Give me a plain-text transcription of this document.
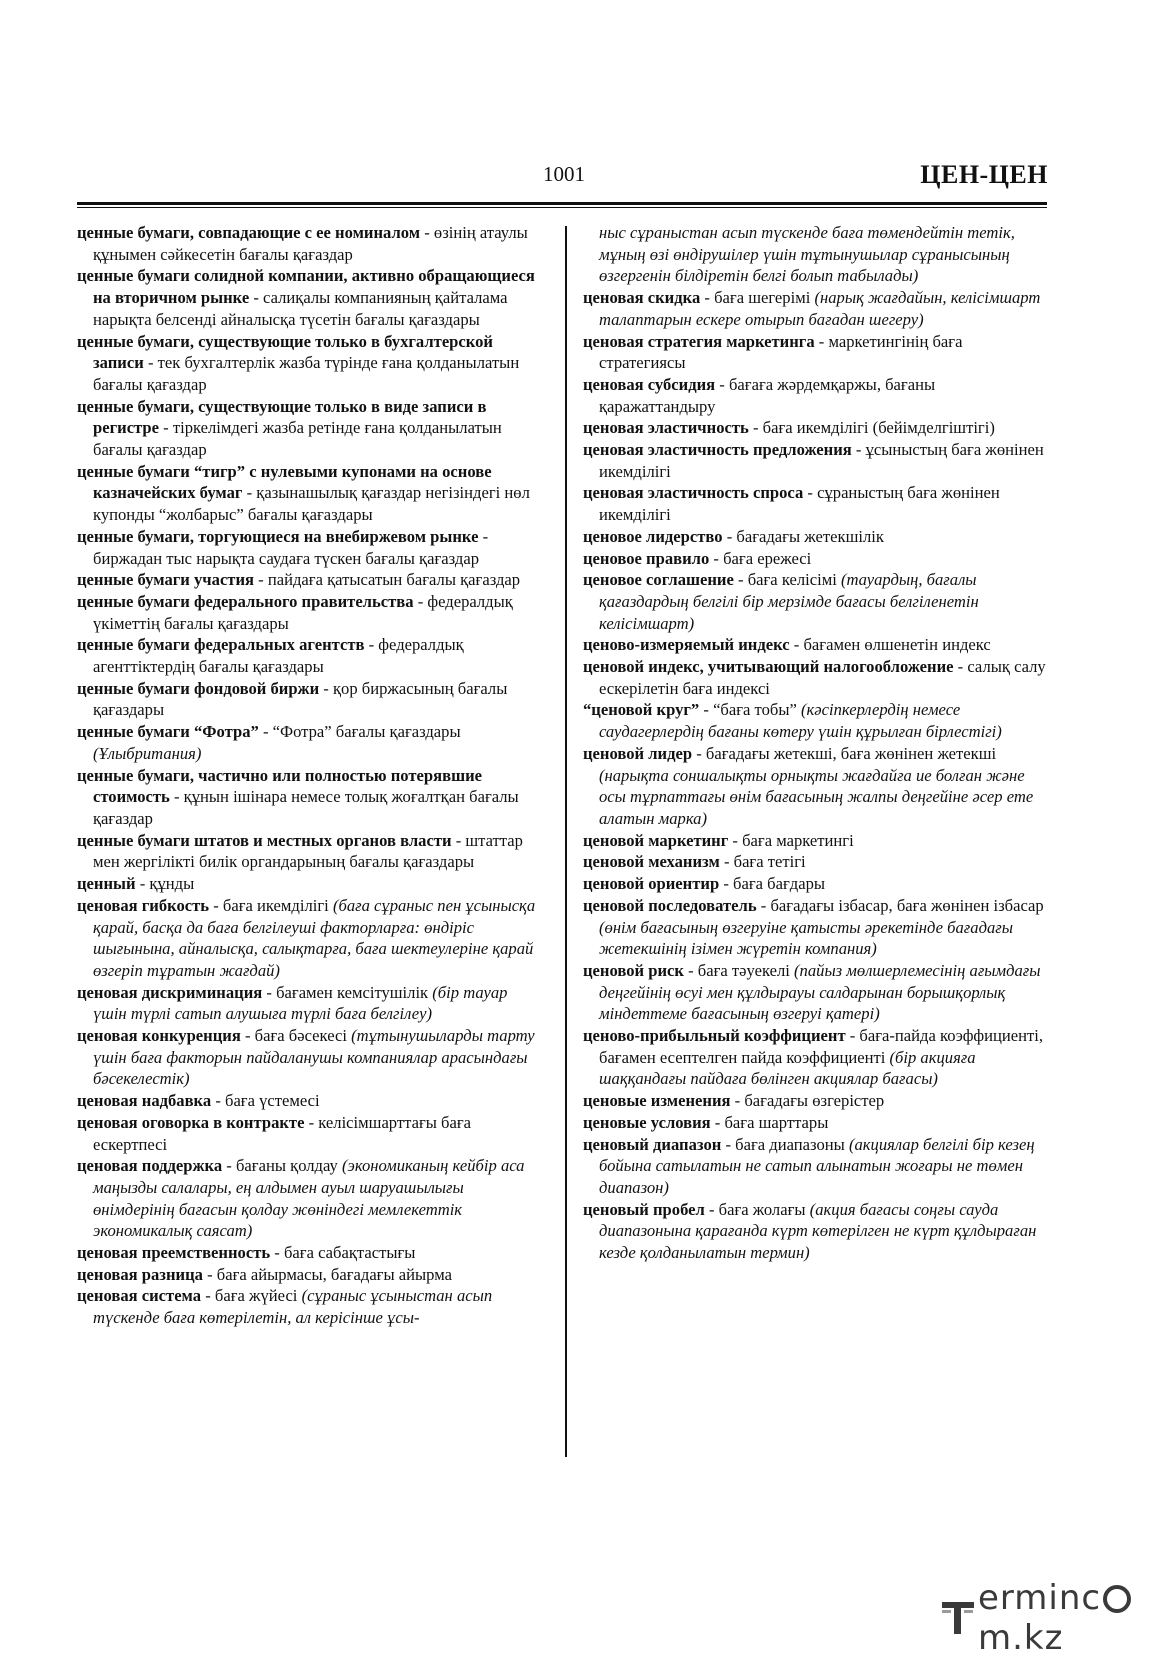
1001	ЦЕН-ЦЕН

ценные бумаги, совпадающие с ее номиналом - өзінің атаулы құнымен сәйкесетін бағалы қағаздар

ценные бумаги солидной компании, активно обращающиеся на вторичном рынке - салиқалы компанияның қайталама нарықта белсенді айналысқа түсетін бағалы қағаздары

ценные бумаги, существующие только в бухгалтерской записи - тек бухгалтерлік жазба түрінде ғана қолданылатын бағалы қағаздар

ценные бумаги, существующие только в виде записи в регистре - тіркелімдегі жазба ретінде ғана қолданылатын бағалы қағаздар

ценные бумаги “тигр” с нулевыми купонами на основе казначейских бумаг - қазынашылық қағаздар негізіндегі нөл купонды “жолбарыс” бағалы қағаздары

ценные бумаги, торгующиеся на внебиржевом рынке - биржадан тыс нарықта саудаға түскен бағалы қағаздар

ценные бумаги участия - пайдаға қатысатын бағалы қағаздар

ценные бумаги федерального правительства - федералдық үкіметтің бағалы қағаздары

ценные бумаги федеральных агентств - федералдық агенттіктердің бағалы қағаздары

ценные бумаги фондовой биржи - қор биржасының бағалы қағаздары

ценные бумаги “Фотра” - “Фотра” бағалы қағаздары (Ұлыбритания)

ценные бумаги, частично или полностью потерявшие стоимость - құнын ішінара немесе толық жоғалтқан бағалы қағаздар

ценные бумаги штатов и местных органов власти - штаттар мен жергілікті билік органдарының бағалы қағаздары

ценный - құнды

ценовая гибкость - баға икемділігі (баға сұраныс пен ұсынысқа қарай, басқа да баға белгілеуші факторларға: өндіріс шығынына, айналысқа, салықтарға, баға шектеулеріне қарай өзгеріп тұратын жағдай)

ценовая дискриминация - бағамен кемсітушілік (бір тауар үшін түрлі сатып алушыға түрлі баға белгілеу)

ценовая конкуренция - баға бәсекесі (тұтынушыларды тарту үшін баға факторын пайдаланушы компаниялар арасындағы бәсекелестік)

ценовая надбавка - баға үстемесі

ценовая оговорка в контракте - келісімшарттағы баға ескертпесі

ценовая поддержка - бағаны қолдау (экономиканың кейбір аса маңызды салалары, ең алдымен ауыл шаруашылығы өнімдерінің бағасын қолдау жөніндегі мемлекеттік экономикалық саясат)

ценовая преемственность - баға сабақтастығы

ценовая разница - баға айырмасы, бағадағы айырма

ценовая система - баға жүйесі (сұраныс ұсыныстан асып түскенде баға көтерілетін, ал керісінше ұсы-

ныс сұраныстан асып түскенде баға төмендейтін тетік, мұның өзі өндірушілер үшін тұтынушылар сұранысының өзгергенін білдіретін белгі болып табылады)

ценовая скидка - баға шегерімі (нарық жағдайын, келісімшарт талаптарын ескере отырып бағадан шегеру)

ценовая стратегия маркетинга - маркетингінің баға стратегиясы

ценовая субсидия - бағаға жәрдемқаржы, бағаны қаражаттандыру

ценовая эластичность - баға икемділігі (бейімделгіштігі)

ценовая эластичность предложения - ұсыныстың баға жөнінен икемділігі

ценовая эластичность спроса - сұраныстың баға жөнінен икемділігі

ценовое лидерство - бағадағы жетекшілік

ценовое правило - баға ережесі

ценовое соглашение - баға келісімі (тауардың, бағалы қағаздардың белгілі бір мерзімде бағасы белгіленетін келісімшарт)

ценово-измеряемый индекс - бағамен өлшенетін индекс

ценовой индекс, учитывающий налогообложение - салық салу ескерілетін баға индексі

“ценовой круг” - “баға тобы” (кәсіпкерлердің немесе саудагерлердің бағаны көтеру үшін құрылған бірлестігі)

ценовой лидер - бағадағы жетекші, баға жөнінен жетекші (нарықта соншалықты орнықты жағдайға ие болған және осы тұрпаттағы өнім бағасының жалпы деңгейіне әсер ете алатын марка)

ценовой маркетинг - баға маркетингі

ценовой механизм - баға тетігі

ценовой ориентир - баға бағдары

ценовой последователь - бағадағы ізбасар, баға жөнінен ізбасар (өнім бағасының өзгеруіне қатысты әрекетінде бағадағы жетекшінің ізімен жүретін компания)

ценовой риск - баға тәуекелі (пайыз мөлшерлемесінің ағымдағы деңгейінің өсуі мен құлдырауы салдарынан борышқорлық міндеттеме бағасының өзгеруі қатері)

ценово-прибыльный коэффициент - баға-пайда коэффициенті, бағамен есептелген пайда коэффициенті (бір акцияға шаққандағы пайдаға бөлінген акциялар бағасы)

ценовые изменения - бағадағы өзгерістер

ценовые условия - баға шарттары

ценовый диапазон - баға диапазоны (акциялар белгілі бір кезең бойына сатылатын не сатып алынатын жоғары не төмен диапазон)

ценовый пробел - баға жолағы (акция бағасы соңғы сауда диапазонына қарағанда күрт көтерілген не күрт құлдыраған кезде қолданылатын термин)

ermincm.kz
